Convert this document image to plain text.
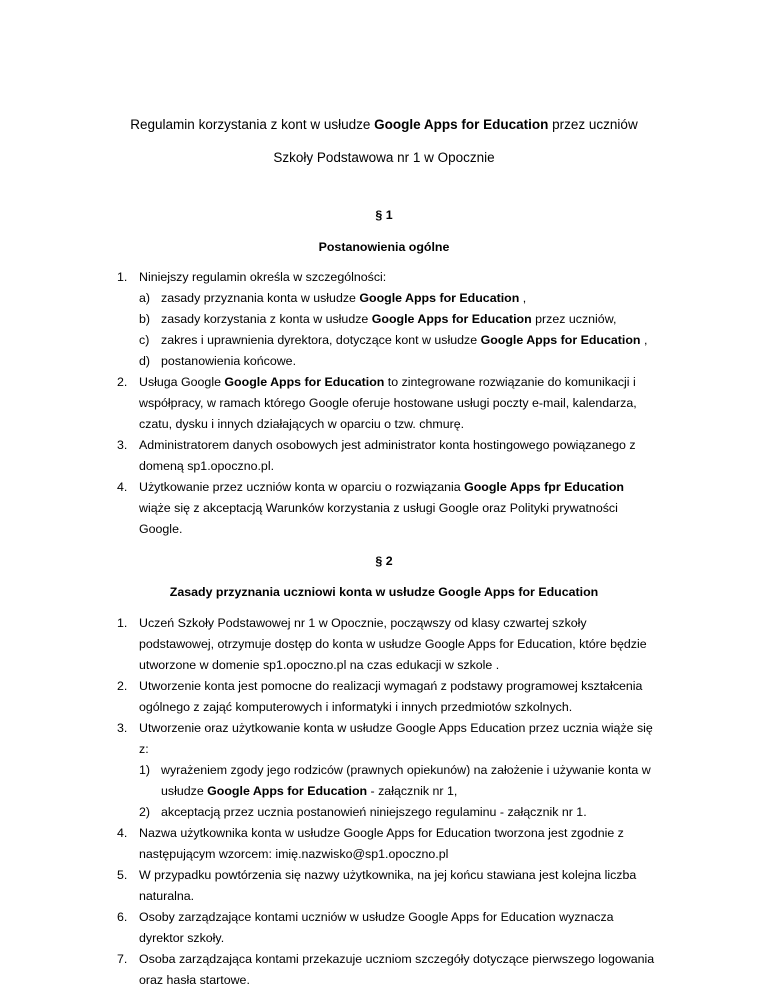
Regulamin korzystania z kont w usłudze Google Apps for Education przez uczniów
Szkoły Podstawowa nr 1 w Opocznie
§ 1
Postanowienia ogólne
1. Niniejszy regulamin określa w szczególności:
a) zasady przyznania konta w usłudze Google Apps for Education ,
b) zasady korzystania z konta w usłudze Google Apps for Education przez uczniów,
c) zakres i uprawnienia dyrektora, dotyczące kont w usłudze Google Apps for Education ,
d) postanowienia końcowe.
2. Usługa Google Google Apps for Education to zintegrowane rozwiązanie do komunikacji i
współpracy, w ramach którego Google oferuje hostowane usługi poczty e-mail, kalendarza,
czatu, dysku i innych działających w oparciu o tzw. chmurę.
3. Administratorem danych osobowych jest administrator konta hostingowego powiązanego z
domeną sp1.opoczno.pl.
4. Użytkowanie przez uczniów konta w oparciu o rozwiązania Google Apps fpr Education
wiąże się z akceptacją Warunków korzystania z usługi Google oraz Polityki prywatności
Google.
§ 2
Zasady przyznania uczniowi konta w usłudze Google Apps for Education
1. Uczeń Szkoły Podstawowej nr 1 w Opocznie, począwszy od klasy czwartej szkoły
podstawowej, otrzymuje dostęp do konta w usłudze Google Apps for Education, które będzie
utworzone w domenie sp1.opoczno.pl na czas edukacji w szkole .
2. Utworzenie konta jest pomocne do realizacji wymagań z podstawy programowej kształcenia
ogólnego z zająć komputerowych i informatyki i innych przedmiotów szkolnych.
3. Utworzenie oraz użytkowanie konta w usłudze Google Apps Education przez ucznia wiąże się
z:
1) wyrażeniem zgody jego rodziców (prawnych opiekunów) na założenie i używanie konta w
usłudze Google Apps for Education - załącznik nr 1,
2) akceptacją przez ucznia postanowień niniejszego regulaminu - załącznik nr 1.
4. Nazwa użytkownika konta w usłudze Google Apps for Education tworzona jest zgodnie z
następującym wzorcem: imię.nazwisko@sp1.opoczno.pl
5. W przypadku powtórzenia się nazwy użytkownika, na jej końcu stawiana jest kolejna liczba
naturalna.
6. Osoby zarządzające kontami uczniów w usłudze Google Apps for Education wyznacza
dyrektor szkoły.
7. Osoba zarządzająca kontami przekazuje uczniom szczegóły dotyczące pierwszego logowania
oraz hasła startowe.
